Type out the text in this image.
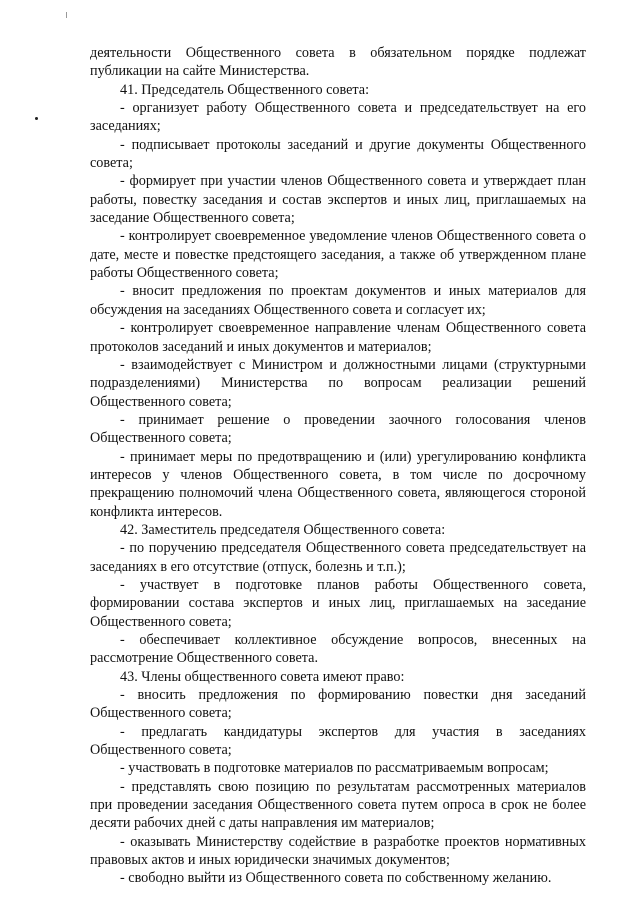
деятельности Общественного совета в обязательном порядке подлежат публикации на сайте Министерства.

41. Председатель Общественного совета:

- организует работу Общественного совета и председательствует на его заседаниях;

- подписывает протоколы заседаний и другие документы Общественного совета;

- формирует при участии членов Общественного совета и утверждает план работы, повестку заседания и состав экспертов и иных лиц, приглашаемых на заседание Общественного совета;

- контролирует своевременное уведомление членов Общественного совета о дате, месте и повестке предстоящего заседания, а также об утвержденном плане работы Общественного совета;

- вносит предложения по проектам документов и иных материалов для обсуждения на заседаниях Общественного совета и согласует их;

- контролирует своевременное направление членам Общественного совета протоколов заседаний и иных документов и материалов;

- взаимодействует с Министром и должностными лицами (структурными подразделениями) Министерства по вопросам реализации решений Общественного совета;

- принимает решение о проведении заочного голосования членов Общественного совета;

- принимает меры по предотвращению и (или) урегулированию конфликта интересов у членов Общественного совета, в том числе по досрочному прекращению полномочий члена Общественного совета, являющегося стороной конфликта интересов.

42. Заместитель председателя Общественного совета:

- по поручению председателя Общественного совета председательствует на заседаниях в его отсутствие (отпуск, болезнь и т.п.);

- участвует в подготовке планов работы Общественного совета, формировании состава экспертов и иных лиц, приглашаемых на заседание Общественного совета;

- обеспечивает коллективное обсуждение вопросов, внесенных на рассмотрение Общественного совета.

43. Члены общественного совета имеют право:

- вносить предложения по формированию повестки дня заседаний Общественного совета;

- предлагать кандидатуры экспертов для участия в заседаниях Общественного совета;

- участвовать в подготовке материалов по рассматриваемым вопросам;

- представлять свою позицию по результатам рассмотренных материалов при проведении заседания Общественного совета путем опроса в срок не более десяти рабочих дней с даты направления им материалов;

- оказывать Министерству содействие в разработке проектов нормативных правовых актов и иных юридически значимых документов;

- свободно выйти из Общественного совета по собственному желанию.
